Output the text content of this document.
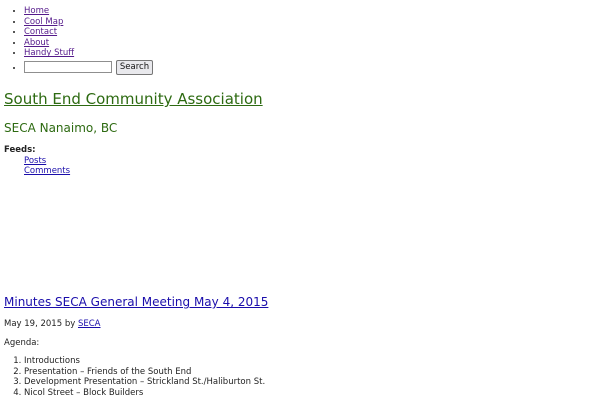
• Home
• Cool Map
• Contact
• About
• Handy Stuff
• Search
South End Community Association
SECA Nanaimo, BC
Feeds:
Posts
Comments
Minutes SECA General Meeting May 4, 2015

May 19, 2015 by SECA

Agenda:

1. Introductions
2. Presentation – Friends of the South End
3. Development Presentation – Strickland St./Haliburton St.
4. Nicol Street – Block Builders
